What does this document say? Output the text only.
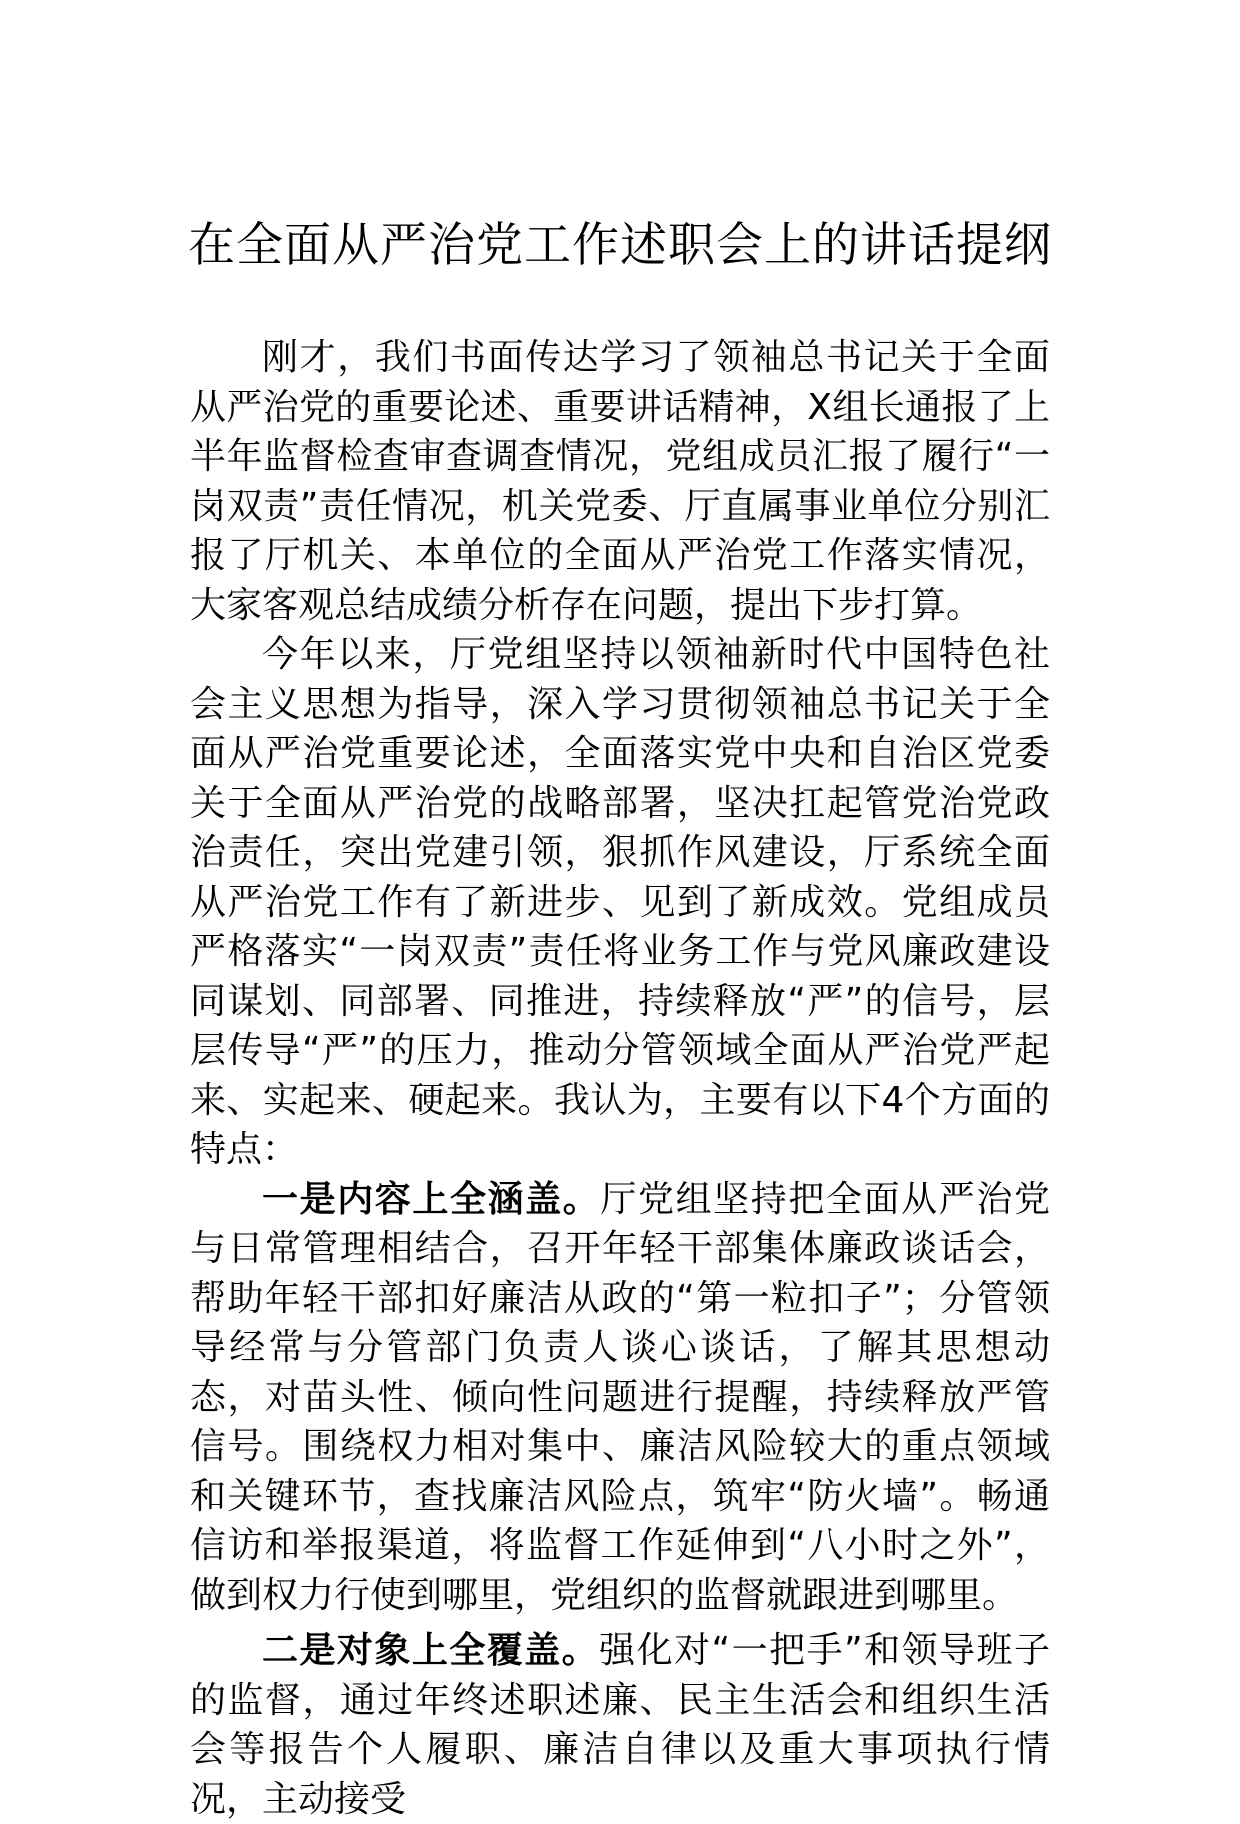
在全面从严治党工作述职会上的讲话提纲

刚才，我们书面传达学习了领袖总书记关于全面从严治党的重要论述、重要讲话精神，X组长通报了上半年监督检查审查调查情况，党组成员汇报了履行“一岗双责”责任情况，机关党委、厅直属事业单位分别汇报了厅机关、本单位的全面从严治党工作落实情况，大家客观总结成绩分析存在问题，提出下步打算。

今年以来，厅党组坚持以领袖新时代中国特色社会主义思想为指导，深入学习贯彻领袖总书记关于全面从严治党重要论述，全面落实党中央和自治区党委关于全面从严治党的战略部署，坚决扛起管党治党政治责任，突出党建引领，狠抓作风建设，厅系统全面从严治党工作有了新进步、见到了新成效。党组成员严格落实“一岗双责”责任将业务工作与党风廉政建设同谋划、同部署、同推进，持续释放“严”的信号，层层传导“严”的压力，推动分管领域全面从严治党严起来、实起来、硬起来。我认为，主要有以下4个方面的特点：

一是内容上全涵盖。厅党组坚持把全面从严治党与日常管理相结合，召开年轻干部集体廉政谈话会，帮助年轻干部扣好廉洁从政的“第一粒扣子”；分管领导经常与分管部门负责人谈心谈话，了解其思想动态，对苗头性、倾向性问题进行提醒，持续释放严管信号。围绕权力相对集中、廉洁风险较大的重点领域和关键环节，查找廉洁风险点，筑牢“防火墙”。畅通信访和举报渠道，将监督工作延伸到“八小时之外”，做到权力行使到哪里，党组织的监督就跟进到哪里。

二是对象上全覆盖。强化对“一把手”和领导班子的监督，通过年终述职述廉、民主生活会和组织生活会等报告个人履职、廉洁自律以及重大事项执行情况，主动接受
